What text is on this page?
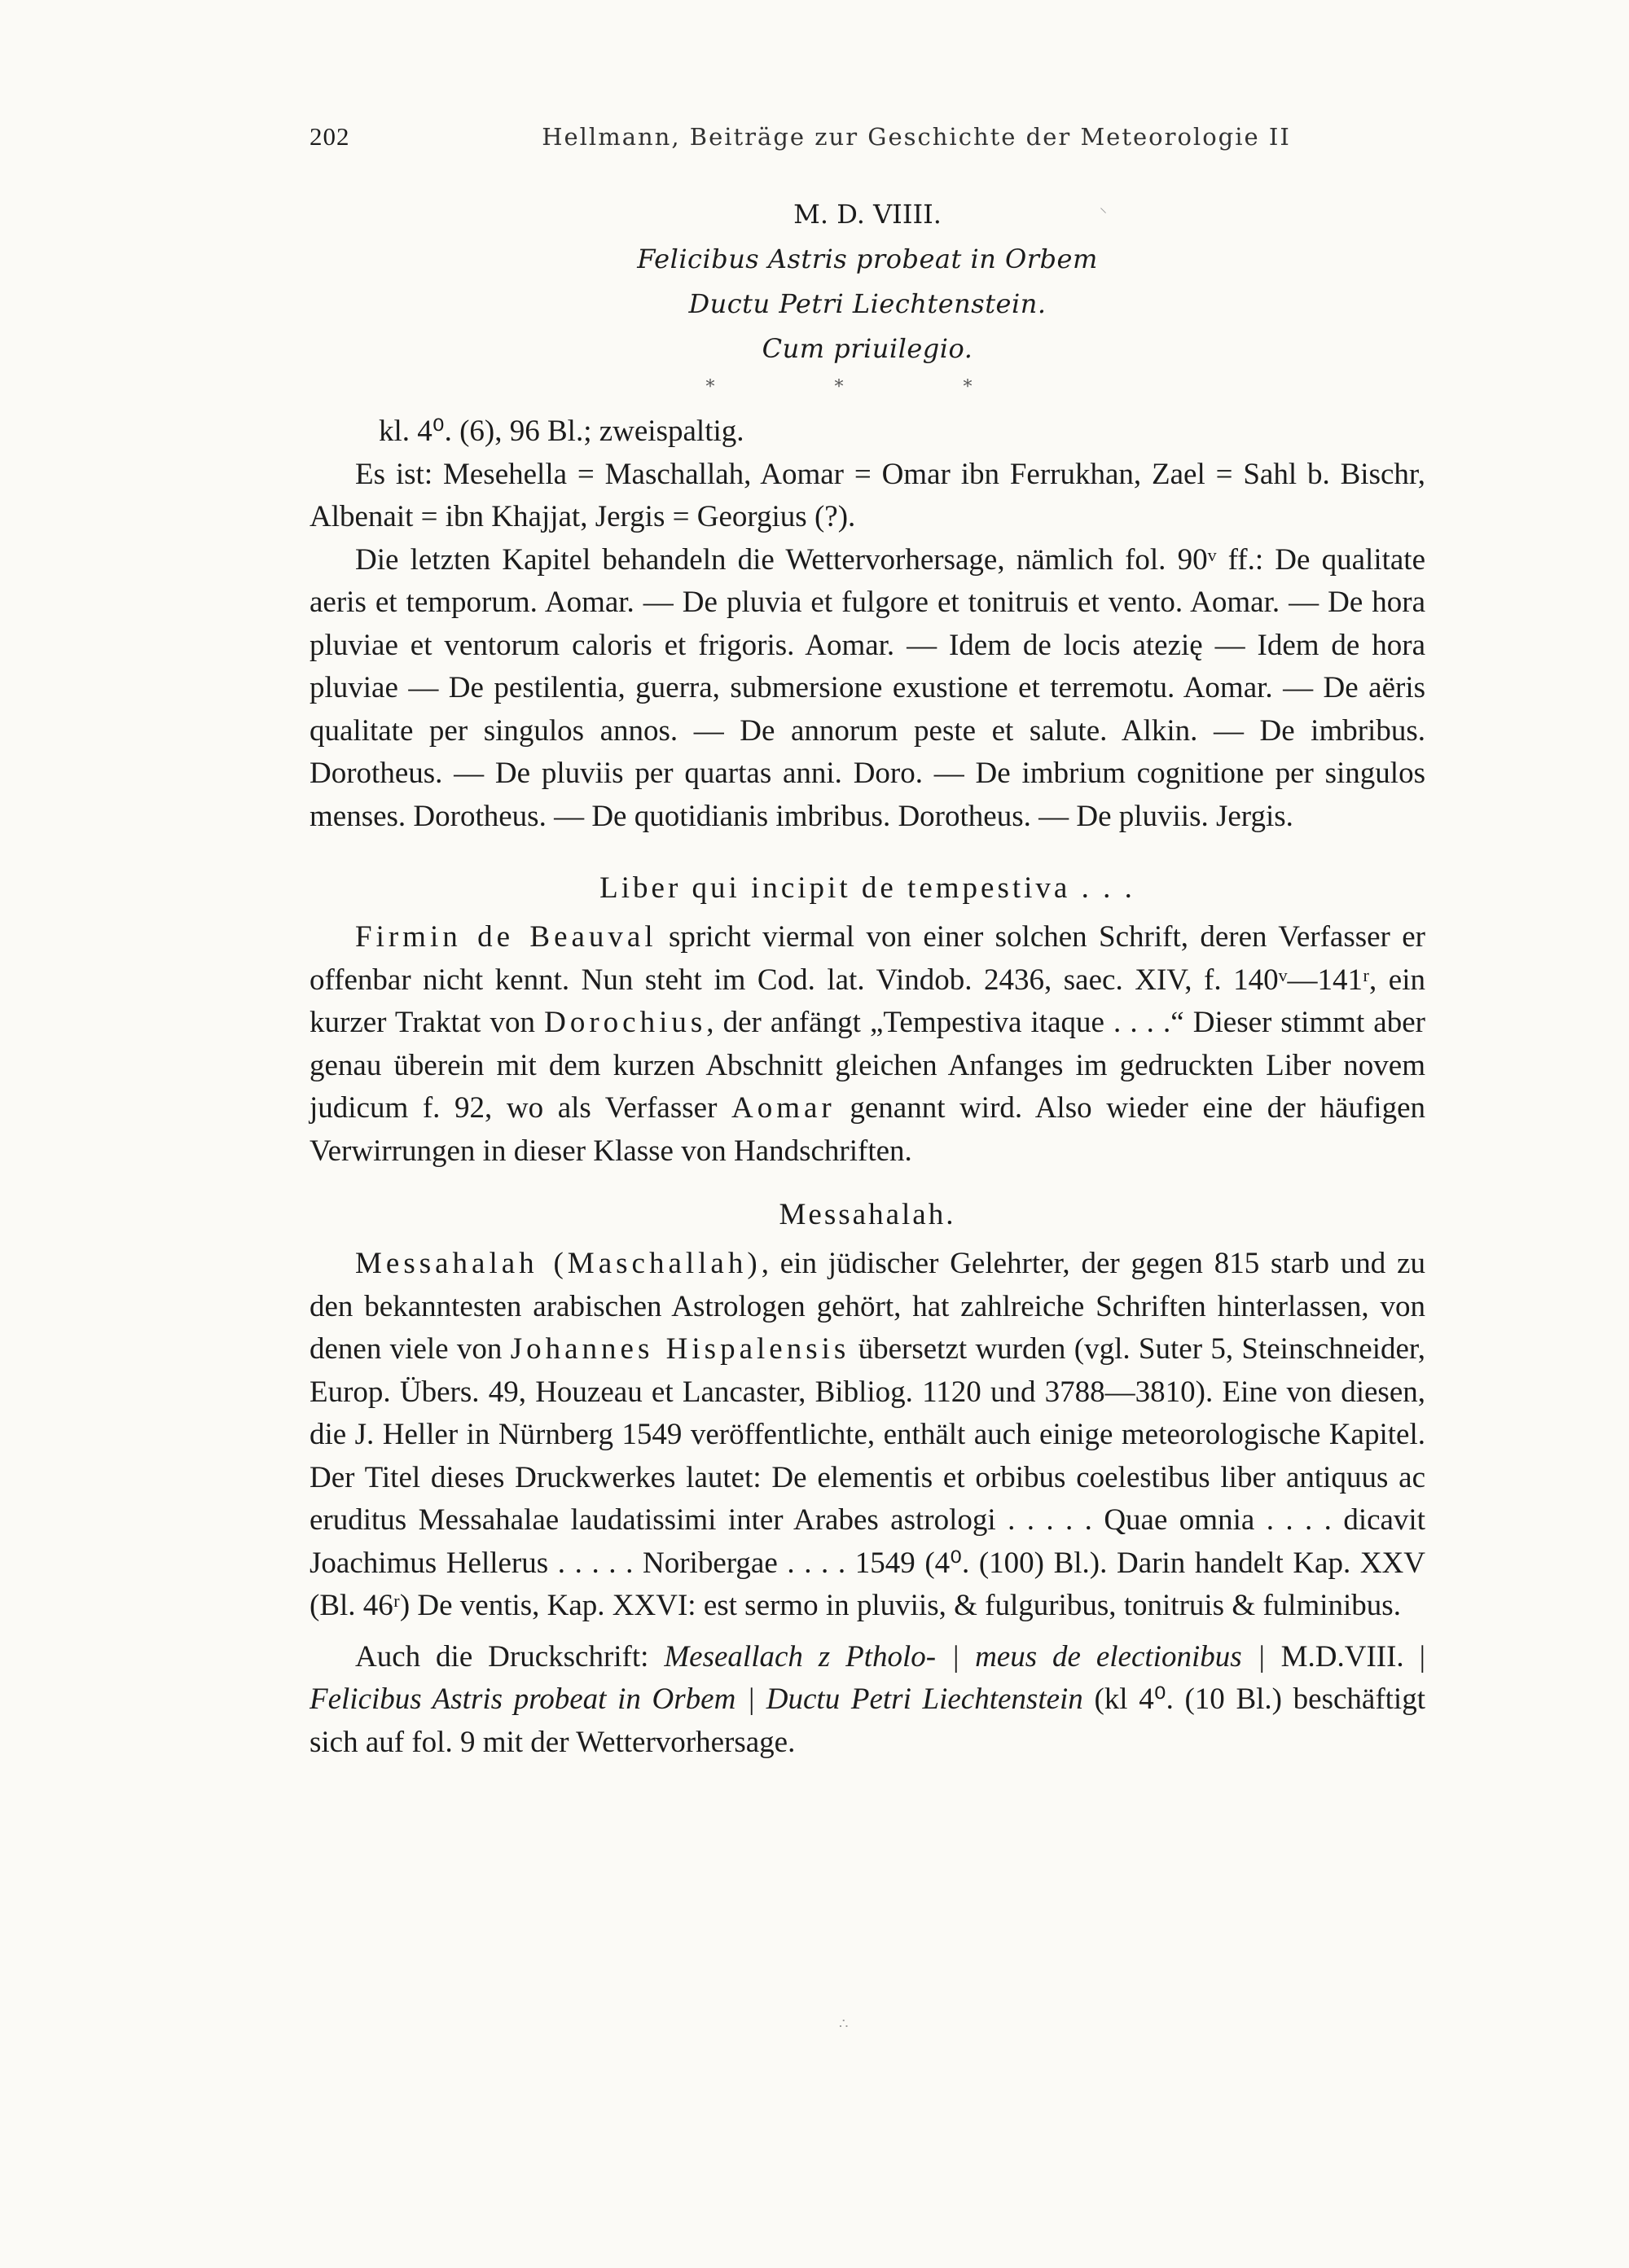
⸌
202	Hellmann, Beiträge zur Geschichte der Meteorologie II
M. D. VIIII.
Felicibus Astris probeat in Orbem
Ductu Petri Liechtenstein.
Cum priuilegio.
* * *

kl. 4⁰. (6), 96 Bl.; zweispaltig.

Es ist: Mesehella = Maschallah, Aomar = Omar ibn Ferrukhan, Zael = Sahl b. Bischr, Albenait = ibn Khajjat, Jergis = Georgius (?).

Die letzten Kapitel behandeln die Wettervorhersage, nämlich fol. 90ᵛ ff.: De qualitate aeris et temporum. Aomar. — De pluvia et fulgore et tonitruis et vento. Aomar. — De hora pluviae et ventorum caloris et frigoris. Aomar. — Idem de locis atezię — Idem de hora pluviae — De pestilentia, guerra, submersione exustione et terremotu. Aomar. — De aëris qualitate per singulos annos. — De annorum peste et salute. Alkin. — De imbribus. Dorotheus. — De pluviis per quartas anni. Doro. — De imbrium cognitione per singulos menses. Dorotheus. — De quotidianis imbribus. Dorotheus. — De pluviis. Jergis.

Liber qui incipit de tempestiva . . .

Firmin de Beauval spricht viermal von einer solchen Schrift, deren Verfasser er offenbar nicht kennt. Nun steht im Cod. lat. Vindob. 2436, saec. XIV, f. 140ᵛ—141ʳ, ein kurzer Traktat von Dorochius, der anfängt „Tempestiva itaque . . . .“ Dieser stimmt aber genau überein mit dem kurzen Abschnitt gleichen Anfanges im gedruckten Liber novem judicum f. 92, wo als Verfasser Aomar genannt wird. Also wieder eine der häufigen Verwirrungen in dieser Klasse von Handschriften.

Messahalah.

Messahalah (Maschallah), ein jüdischer Gelehrter, der gegen 815 starb und zu den bekanntesten arabischen Astrologen gehört, hat zahlreiche Schriften hinterlassen, von denen viele von Johannes Hispalensis übersetzt wurden (vgl. Suter 5, Steinschneider, Europ. Übers. 49, Houzeau et Lancaster, Bibliog. 1120 und 3788—3810). Eine von diesen, die J. Heller in Nürnberg 1549 veröffentlichte, enthält auch einige meteorologische Kapitel. Der Titel dieses Druckwerkes lautet: De elementis et orbibus coelestibus liber antiquus ac eruditus Messahalae laudatissimi inter Arabes astrologi . . . . . Quae omnia . . . . dicavit Joachimus Hellerus . . . . . Noribergae . . . . 1549 (4⁰. (100) Bl.). Darin handelt Kap. XXV (Bl. 46ʳ) De ventis, Kap. XXVI: est sermo in pluviis, & fulguribus, tonitruis & fulminibus.

Auch die Druckschrift: Meseallach z Ptholo- | meus de electionibus | M.D.VIII. | Felicibus Astris probeat in Orbem | Ductu Petri Liechtenstein (kl 4⁰. (10 Bl.) beschäftigt sich auf fol. 9 mit der Wettervorhersage.

∴
